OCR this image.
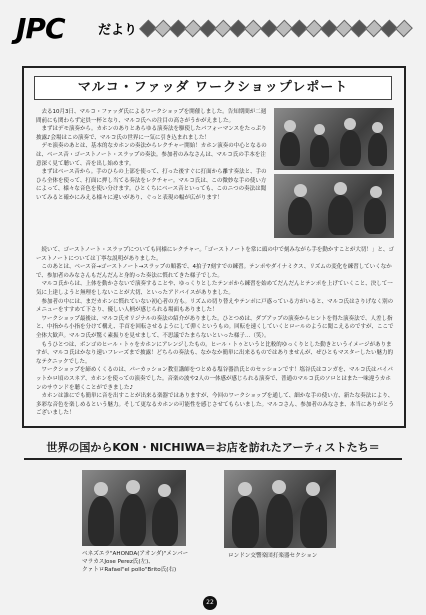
JPC	だより
マルコ・ファッダ ワークショップレポート

去る10月3日、マルコ・ファッダ氏によるワークショップを開催しました。告知期間が二週間前にも関わらず定員一杯となり、マルコ氏への注目の高さがうかがえました。

まずはデモ演奏から。カホンのありとあらゆる演奏法を駆使したパフォーマンスをたっぷり披露♪会場はこの演奏で、マルコ氏の世界に一気に引き込まれました！

デモ演奏のあとは、基本的なカホンの奏法からレクチャー開始！カホン演奏の中心となるのは、ベース音・ゴーストノート・スラップの奏法。参加者のみなさんは、マルコ氏の手本を注意深く見て聴いて、音を出し始めます。

まずはベース音から。手のひらの上部を使って、打った後すぐに打面から離す奏法と、手のひら全体を使って、打面に押し当てる奏法をレクチャー。マルコ氏は、この微妙な手の使い方によって、様々な音色を使い分けます。ひとくちにベース音といっても、このニつの奏法は聞いてみると確かにみえる様々に違いがあり、ぐっと表現の幅が広がります！

続いて、ゴーストノート・スラップについても同様にレクチャー。「ゴーストノートを常に頭の中で刻みながら手を動かすことが大切！」と、ゴーストノートについては丁寧な説明がありました。

このあとは、ベース音→ゴーストノート→スラップの順番で、4拍子7刻すでの練習。テンポやダイナミクス、リズムの変化を練習していくなかで、参加者のみなさんもだんだんと身的った奏法に慣れてきた様子でした。

マルコ氏からは、上体を動かさないで演奏することや、ゆっくりとしたテンポから練習を始めてだんだんとテンポを上げていくこと、決して一気に上達しようと無理をしないことが大切、といったアドバイスがありました。

参加者の中には、まだカホンに慣れていない初心者の方も。リズムの切り替えやテンポに戸惑っている方がいると、マルコ氏はさりげなく別のメニューをすすめて下さり、優しい人柄が感じられる場面もありました！

ワークショップ最後は、マルコ氏オリジナルの奏法の紹介がありました。ひとつめは、ダブアップの演奏からヒントを得た演奏法で、人差し指と、中指から小指を分けて構え、手首を回転させるようにして弾くというもの。回転を速くしていくとロールのように聞こえるのですが、ここで全体大歓声。マルコ氏が驚く素振りを見せまして、不思議でたまらないといった様子…（笑）。

もうひとつは、ボンゴのヒール・トゥをカホンにアレンジしたもの。ヒール・トゥというと比較的ゆっくりとした動きというイメージがありますが、マルコ氏はかなり速いフレーズまで披露！どちらの奏法も、なかなか簡単に出来るものではありませんが、ぜひともマスターしたい魅力的なテクニックでした。

ワークショップを締めくくるのは、パーカッション教室講師をつとめる塩谷器浩氏とのセッションです！塩谷氏はコンガを、マルコ氏はバイパットかロ頃のスネア、カホンを使っての演奏でした。音楽の波や2人の一体感が感じられる演奏で、普通のマルコ氏のソロとはまた一味違うカホンのサウンドを聴くことができました♪

カホンは誰にでも簡単に音を出すことが出来る楽器ではありますが、今回のワークショップを通して、細かな手の使い方、新たな奏法により、多彩な音色を楽しめるという魅力。そして更なるカホンの可能性を感じさせてもらいました。マルコさん、参加者のみなさま、本当にありがとうございました！

世界の国からKON・NICHIWA＝お店を訪れたアーティストたち＝
ベネズエラ"AHONDA(アオンダ)"メンバー
マラカスJose Perez氏(左)、
クァトロRafael"el pollo"Brito氏(右)
ロンドン交響楽団打楽器セクション
22
